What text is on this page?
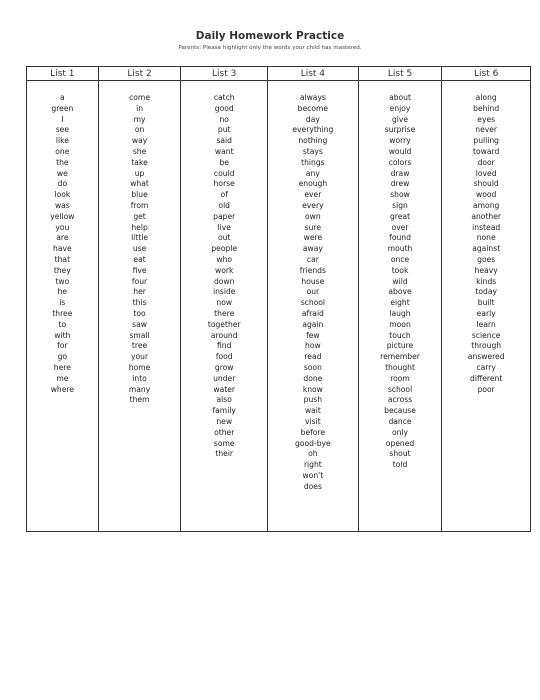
Daily Homework Practice
Parents: Please highlight only the words your child has mastered.
List 1
a
green
I
see
like
one
the
we
do
look
was
yellow
you
are
have
that
they
two
he
is
three
to
with
for
go
here
me
where
List 2
come
in
my
on
way
she
take
up
what
blue
from
get
help
little
use
eat
five
four
her
this
too
saw
small
tree
your
home
into
many
them
List 3
catch
good
no
put
said
want
be
could
horse
of
old
paper
live
out
people
who
work
down
inside
now
there
together
around
find
food
grow
under
water
also
family
new
other
some
their
List 4
always
become
day
everything
nothing
stays
things
any
enough
ever
every
own
sure
were
away
car
friends
house
our
school
afraid
again
few
how
read
soon
done
know
push
wait
visit
before
good-bye
oh
right
won't
does
List 5
about
enjoy
give
surprise
worry
would
colors
draw
drew
show
sign
great
over
found
mouth
once
took
wild
above
eight
laugh
moon
touch
picture
remember
thought
room
school
across
because
dance
only
opened
shout
told
List 6
along
behind
eyes
never
pulling
toward
door
loved
should
wood
among
another
instead
none
against
goes
heavy
kinds
today
built
early
learn
science
through
answered
carry
different
poor
